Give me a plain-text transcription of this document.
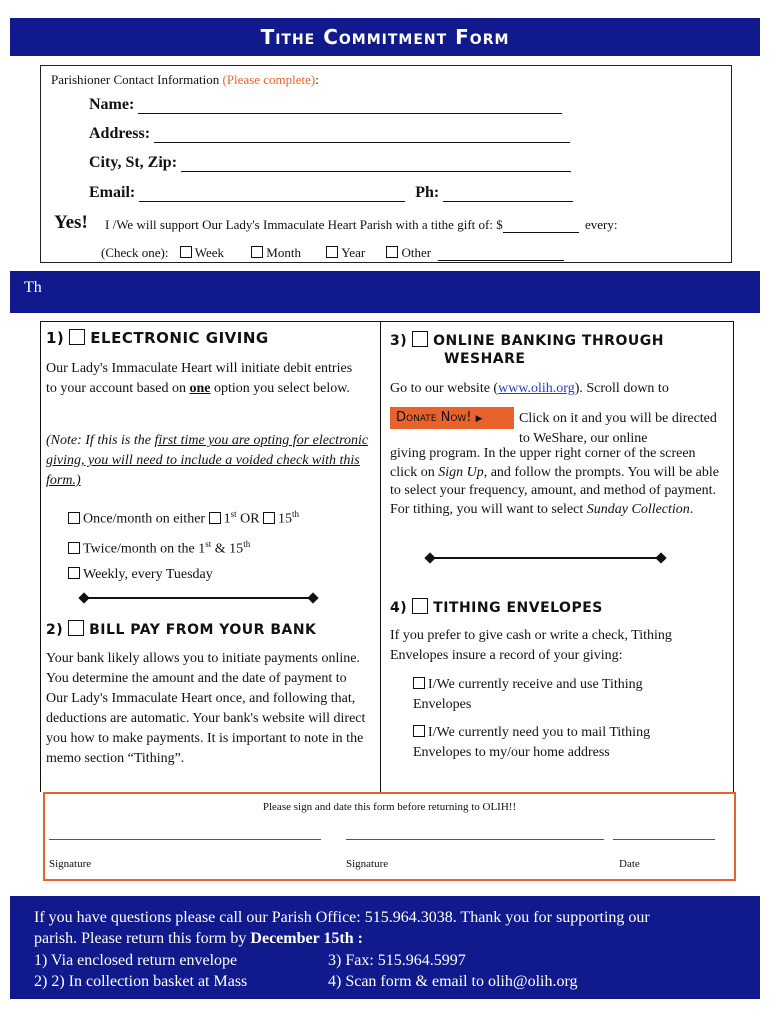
Tithe Commitment Form
Parishioner Contact Information (Please complete):
Name:
Address:
City, St, Zip:
Email:	Ph:
Yes! I /We will support Our Lady's Immaculate Heart Parish with a tithe gift of: $	every:
(Check one): Week	Month	Year	Other
Th
1) ELECTRONIC GIVING
Our Lady's Immaculate Heart will initiate debit entries to your account based on one option you select below.
(Note: If this is the first time you are opting for electronic giving, you will need to include a voided check with this form.)
Once/month on either 1st OR 15th
Twice/month on the 1st & 15th
Weekly, every Tuesday
2) BILL PAY FROM YOUR BANK
Your bank likely allows you to initiate payments online. You determine the amount and the date of payment to Our Lady's Immaculate Heart once, and following that, deductions are automatic. Your bank's website will direct you how to make payments. It is important to note in the memo section “Tithing”.
3) ONLINE BANKING THROUGH
WESHARE
Go to our website (www.olih.org). Scroll down to
Donate Now! ▶	Click on it and you will be directed to WeShare, our online
giving program. In the upper right corner of the screen click on Sign Up, and follow the prompts. You will be able to select your frequency, amount, and method of payment. For tithing, you will want to select Sunday Collection.
4) TITHING ENVELOPES
If you prefer to give cash or write a check, Tithing Envelopes insure a record of your giving:
I/We currently receive and use Tithing Envelopes
I/We currently need you to mail Tithing Envelopes to my/our home address
Please sign and date this form before returning to OLIH!!
Signature	Signature	Date
If you have questions please call our Parish Office: 515.964.3038. Thank you for supporting our
parish. Please return this form by December 15th :
1) Via enclosed return envelope
2) 2) In collection basket at Mass
3) Fax: 515.964.5997
4) Scan form & email to olih@olih.org
